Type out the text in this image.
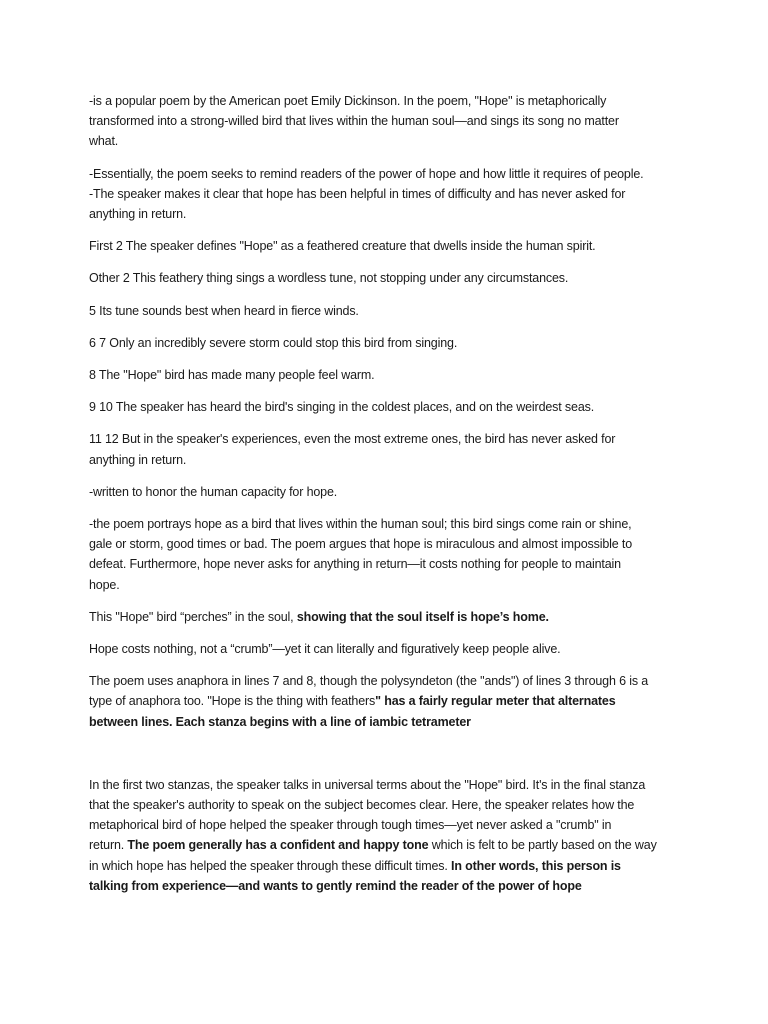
-is a popular poem by the American poet Emily Dickinson. In the poem, "Hope" is metaphorically
transformed into a strong-willed bird that lives within the human soul—and sings its song no matter
what.

-Essentially, the poem seeks to remind readers of the power of hope and how little it requires of people.
-The speaker makes it clear that hope has been helpful in times of difficulty and has never asked for
anything in return.

First 2 The speaker defines "Hope" as a feathered creature that dwells inside the human spirit.

Other 2 This feathery thing sings a wordless tune, not stopping under any circumstances.

5 Its tune sounds best when heard in fierce winds.

6 7 Only an incredibly severe storm could stop this bird from singing.

8 The "Hope" bird has made many people feel warm.

9 10 The speaker has heard the bird's singing in the coldest places, and on the weirdest seas.

11 12 But in the speaker's experiences, even the most extreme ones, the bird has never asked for
anything in return.

-written to honor the human capacity for hope.

-the poem portrays hope as a bird that lives within the human soul; this bird sings come rain or shine,
gale or storm, good times or bad. The poem argues that hope is miraculous and almost impossible to
defeat. Furthermore, hope never asks for anything in return—it costs nothing for people to maintain
hope.

This "Hope" bird “perches” in the soul, showing that the soul itself is hope’s home.

Hope costs nothing, not a “crumb”—yet it can literally and figuratively keep people alive.

The poem uses anaphora in lines 7 and 8, though the polysyndeton (the "ands") of lines 3 through 6 is a
type of anaphora too. "Hope is the thing with feathers" has a fairly regular meter that alternates
between lines. Each stanza begins with a line of iambic tetrameter

In the first two stanzas, the speaker talks in universal terms about the "Hope" bird. It's in the final stanza
that the speaker's authority to speak on the subject becomes clear. Here, the speaker relates how the
metaphorical bird of hope helped the speaker through tough times—yet never asked a "crumb" in
return. The poem generally has a confident and happy tone which is felt to be partly based on the way
in which hope has helped the speaker through these difficult times. In other words, this person is
talking from experience—and wants to gently remind the reader of the power of hope
